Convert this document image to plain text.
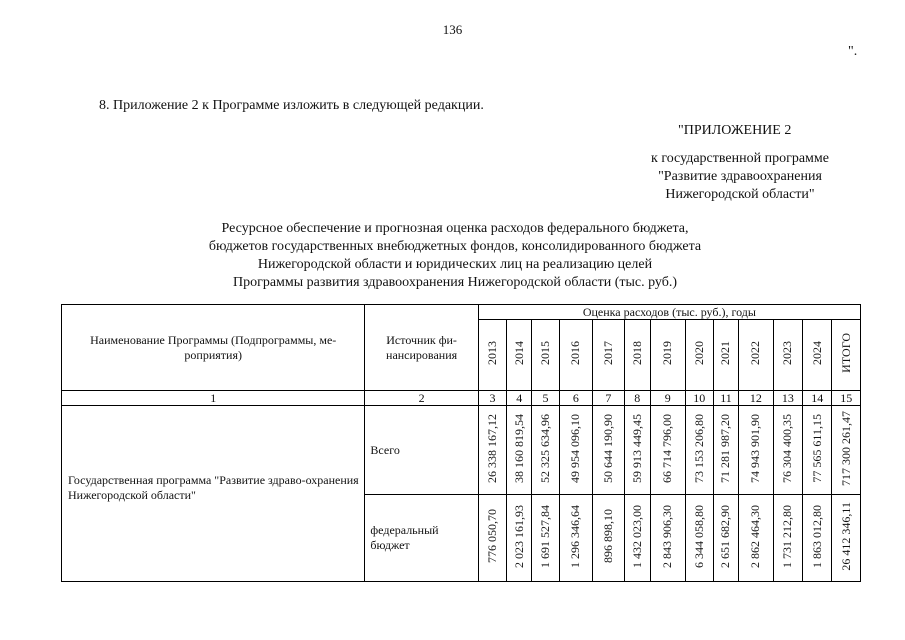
136
".
8. Приложение 2 к Программе изложить в следующей редакции.
"ПРИЛОЖЕНИЕ 2
к государственной программе
"Развитие здравоохранения
Нижегородской области"
Ресурсное обеспечение и прогнозная оценка расходов федерального бюджета,
бюджетов государственных внебюджетных фондов, консолидированного бюджета
Нижегородской области и юридических лиц на реализацию целей
Программы развития здравоохранения Нижегородской области (тыс. руб.)
Наименование Программы (Подпрограммы, ме-роприятия)	Источник фи-нансирования	Оценка расходов (тыс. руб.), годы												
		2013	2014	2015	2016	2017	2018	2019	2020	2021	2022	2023	2024	ИТОГО
1	2	3	4	5	6	7	8	9	10	11	12	13	14	15
Государственная программа "Развитие здраво-охранения Нижегородской области"	Всего	26 338 167,12	38 160 819,54	52 325 634,96	49 954 096,10	50 644 190,90	59 913 449,45	66 714 796,00	73 153 206,80	71 281 987,20	74 943 901,90	76 304 400,35	77 565 611,15	717 300 261,47
	федеральный бюджет	776 050,70	2 023 161,93	1 691 527,84	1 296 346,64	896 898,10	1 432 023,00	2 843 906,30	6 344 058,80	2 651 682,90	2 862 464,30	1 731 212,80	1 863 012,80	26 412 346,11
